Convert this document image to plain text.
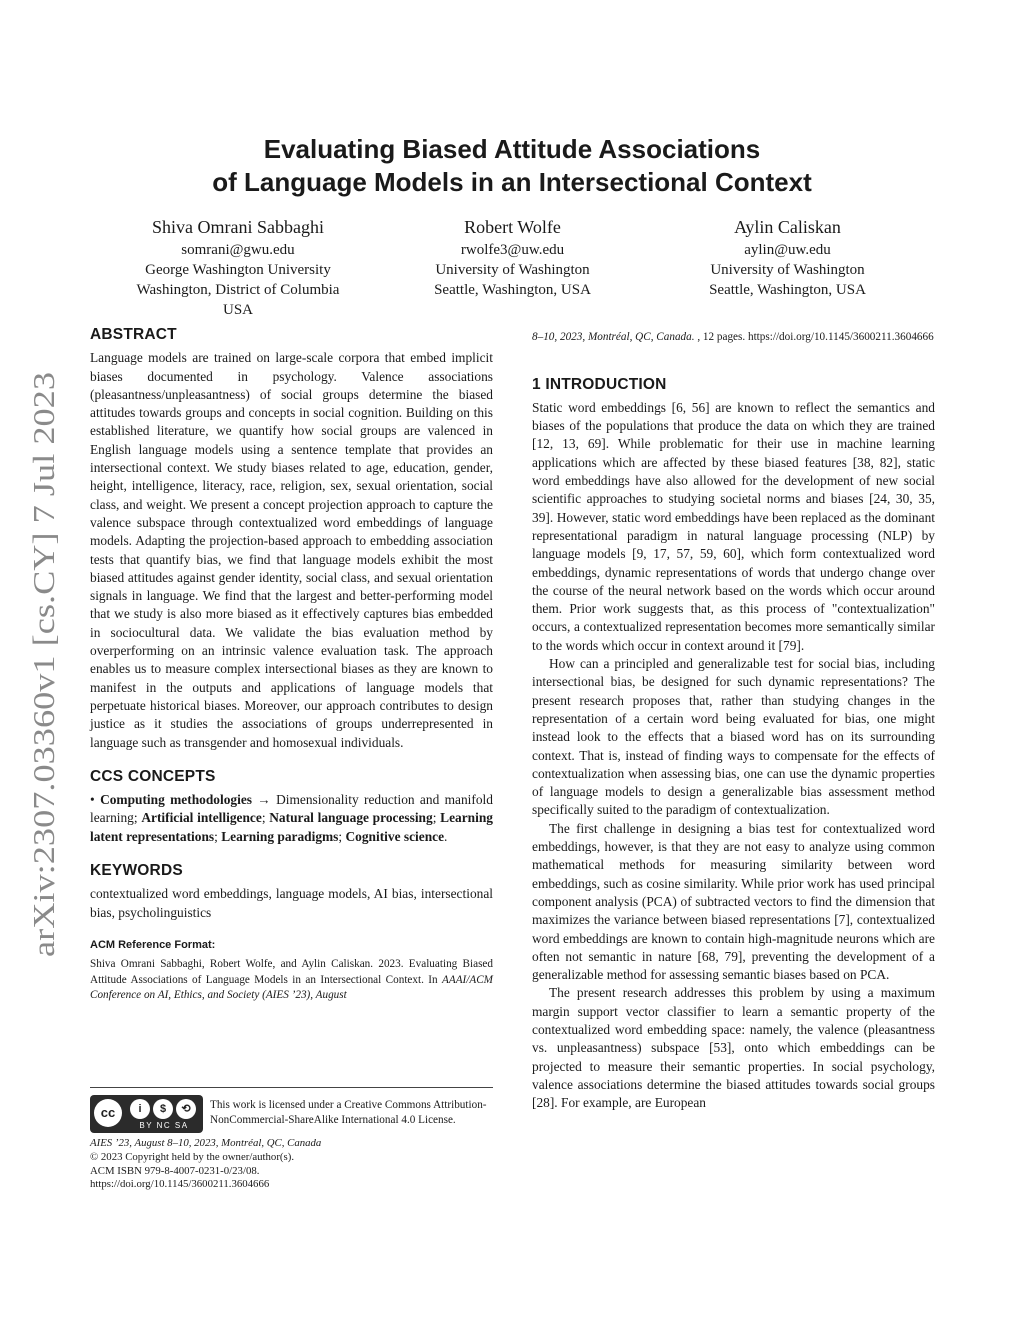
arXiv:2307.03360v1 [cs.CY] 7 Jul 2023
Evaluating Biased Attitude Associations
of Language Models in an Intersectional Context
Shiva Omrani Sabbaghi
somrani@gwu.edu
George Washington University
Washington, District of Columbia
USA
Robert Wolfe
rwolfe3@uw.edu
University of Washington
Seattle, Washington, USA
Aylin Caliskan
aylin@uw.edu
University of Washington
Seattle, Washington, USA
ABSTRACT

Language models are trained on large-scale corpora that embed implicit biases documented in psychology. Valence associations (pleasantness/unpleasantness) of social groups determine the biased attitudes towards groups and concepts in social cognition. Building on this established literature, we quantify how social groups are valenced in English language models using a sentence template that provides an intersectional context. We study biases related to age, education, gender, height, intelligence, literacy, race, religion, sex, sexual orientation, social class, and weight. We present a concept projection approach to capture the valence subspace through contextualized word embeddings of language models. Adapting the projection-based approach to embedding association tests that quantify bias, we find that language models exhibit the most biased attitudes against gender identity, social class, and sexual orientation signals in language. We find that the largest and better-performing model that we study is also more biased as it effectively captures bias embedded in sociocultural data. We validate the bias evaluation method by overperforming on an intrinsic valence evaluation task. The approach enables us to measure complex intersectional biases as they are known to manifest in the outputs and applications of language models that perpetuate historical biases. Moreover, our approach contributes to design justice as it studies the associations of groups underrepresented in language such as transgender and homosexual individuals.

CCS CONCEPTS

• Computing methodologies → Dimensionality reduction and manifold learning; Artificial intelligence; Natural language processing; Learning latent representations; Learning paradigms; Cognitive science.

KEYWORDS

contextualized word embeddings, language models, AI bias, intersectional bias, psycholinguistics

ACM Reference Format:

Shiva Omrani Sabbaghi, Robert Wolfe, and Aylin Caliskan. 2023. Evaluating Biased Attitude Associations of Language Models in an Intersectional Context. In AAAI/ACM Conference on AI, Ethics, and Society (AIES ’23), August

cc	i	$	⟲
BY NC SA
This work is licensed under a Creative Commons Attribution-NonCommercial-ShareAlike International 4.0 License.
AIES ’23, August 8–10, 2023, Montréal, QC, Canada
© 2023 Copyright held by the owner/author(s).
ACM ISBN 979-8-4007-0231-0/23/08.
https://doi.org/10.1145/3600211.3604666

8–10, 2023, Montréal, QC, Canada. , 12 pages. https://doi.org/10.1145/3600211.3604666

1 INTRODUCTION

Static word embeddings [6, 56] are known to reflect the semantics and biases of the populations that produce the data on which they are trained [12, 13, 69]. While problematic for their use in machine learning applications which are affected by these biased features [38, 82], static word embeddings have also allowed for the development of new social scientific approaches to studying societal norms and biases [24, 30, 35, 39]. However, static word embeddings have been replaced as the dominant representational paradigm in natural language processing (NLP) by language models [9, 17, 57, 59, 60], which form contextualized word embeddings, dynamic representations of words that undergo change over the course of the neural network based on the words which occur around them. Prior work suggests that, as this process of "contextualization" occurs, a contextualized representation becomes more semantically similar to the words which occur in context around it [79].

How can a principled and generalizable test for social bias, including intersectional bias, be designed for such dynamic representations? The present research proposes that, rather than studying changes in the representation of a certain word being evaluated for bias, one might instead look to the effects that a biased word has on its surrounding context. That is, instead of finding ways to compensate for the effects of contextualization when assessing bias, one can use the dynamic properties of language models to design a generalizable bias assessment method specifically suited to the paradigm of contextualization.

The first challenge in designing a bias test for contextualized word embeddings, however, is that they are not easy to analyze using common mathematical methods for measuring similarity between word embeddings, such as cosine similarity. While prior work has used principal component analysis (PCA) of subtracted vectors to find the dimension that maximizes the variance between biased representations [7], contextualized word embeddings are known to contain high-magnitude neurons which are often not semantic in nature [68, 79], preventing the development of a generalizable method for assessing semantic biases based on PCA.

The present research addresses this problem by using a maximum margin support vector classifier to learn a semantic property of the contextualized word embedding space: namely, the valence (pleasantness vs. unpleasantness) subspace [53], onto which embeddings can be projected to measure their semantic properties. In social psychology, valence associations determine the biased attitudes towards social groups [28]. For example, are European
